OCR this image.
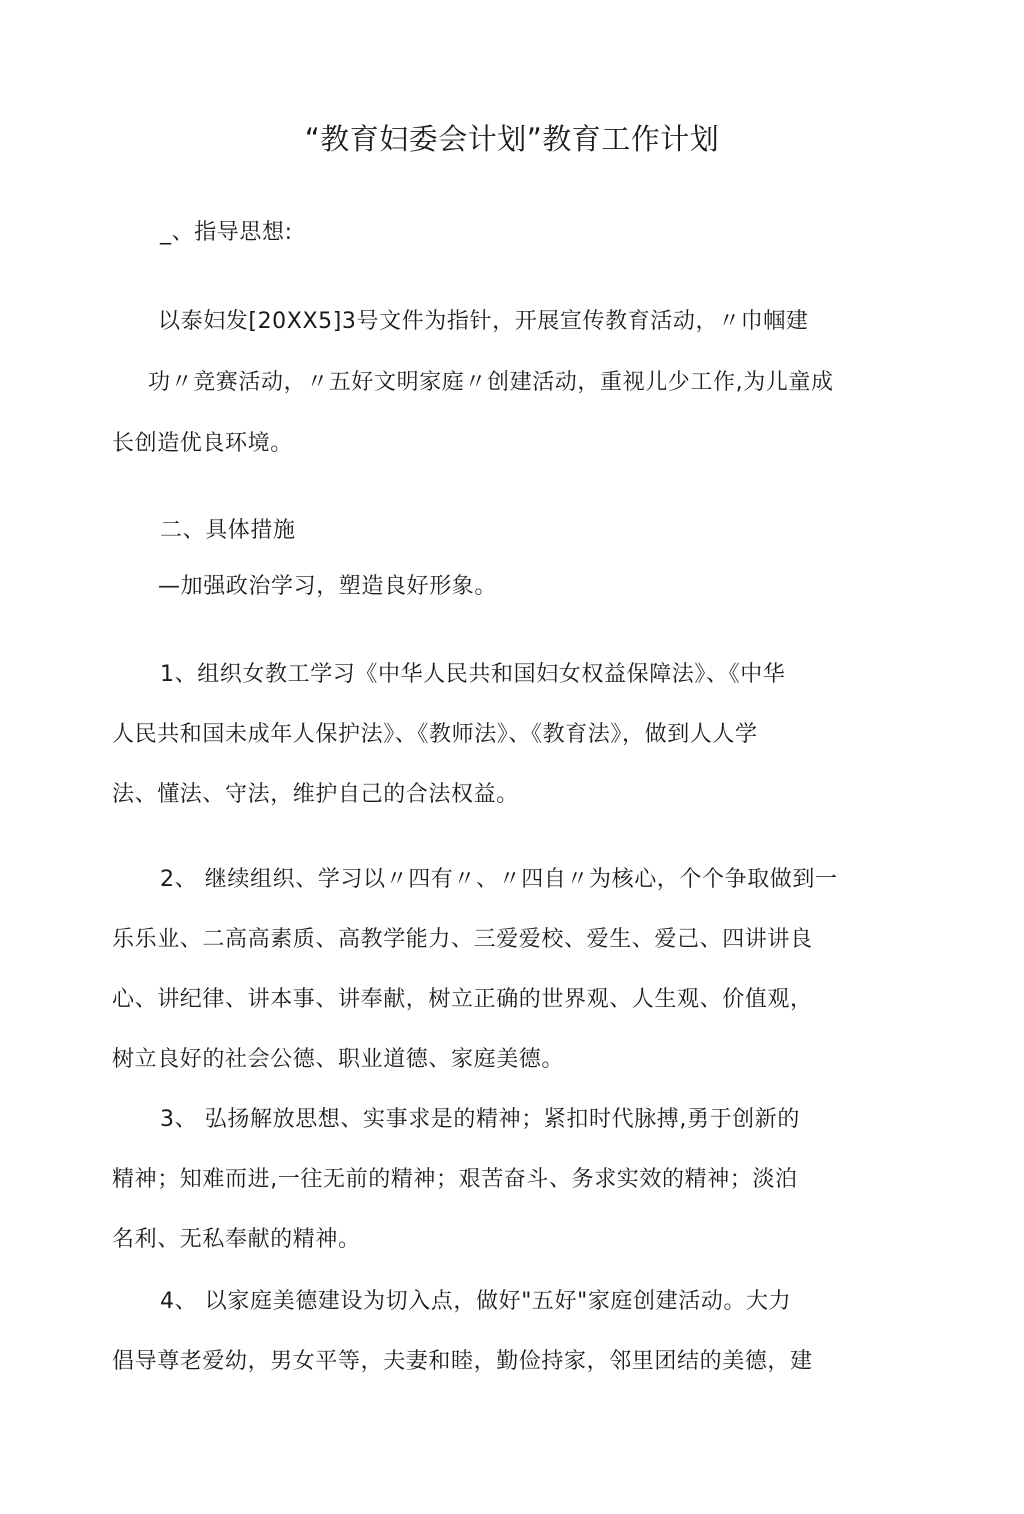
“教育妇委会计划”教育工作计划
_、指导思想:
以泰妇发[20XX5]3号文件为指针，开展宣传教育活动，〃巾帼建
功〃竞赛活动，〃五好文明家庭〃创建活动，重视儿少工作,为儿童成
长创造优良环境。
二、具体措施
—加强政治学习，塑造良好形象。
1、组织女教工学习《中华人民共和国妇女权益保障法》、《中华
人民共和国未成年人保护法》、《教师法》、《教育法》，做到人人学
法、懂法、守法，维护自己的合法权益。
2、 继续组织、学习以〃四有〃、〃四自〃为核心，个个争取做到一
乐乐业、二高高素质、高教学能力、三爱爱校、爱生、爱己、四讲讲良
心、讲纪律、讲本事、讲奉献，树立正确的世界观、人生观、价值观，
树立良好的社会公德、职业道德、家庭美德。
3、 弘扬解放思想、实事求是的精神；紧扣时代脉搏,勇于创新的
精神；知难而进,一往无前的精神；艰苦奋斗、务求实效的精神；淡泊
名利、无私奉献的精神。
4、 以家庭美德建设为切入点，做好"五好"家庭创建活动。大力
倡导尊老爱幼，男女平等，夫妻和睦，勤俭持家，邻里团结的美德，建
